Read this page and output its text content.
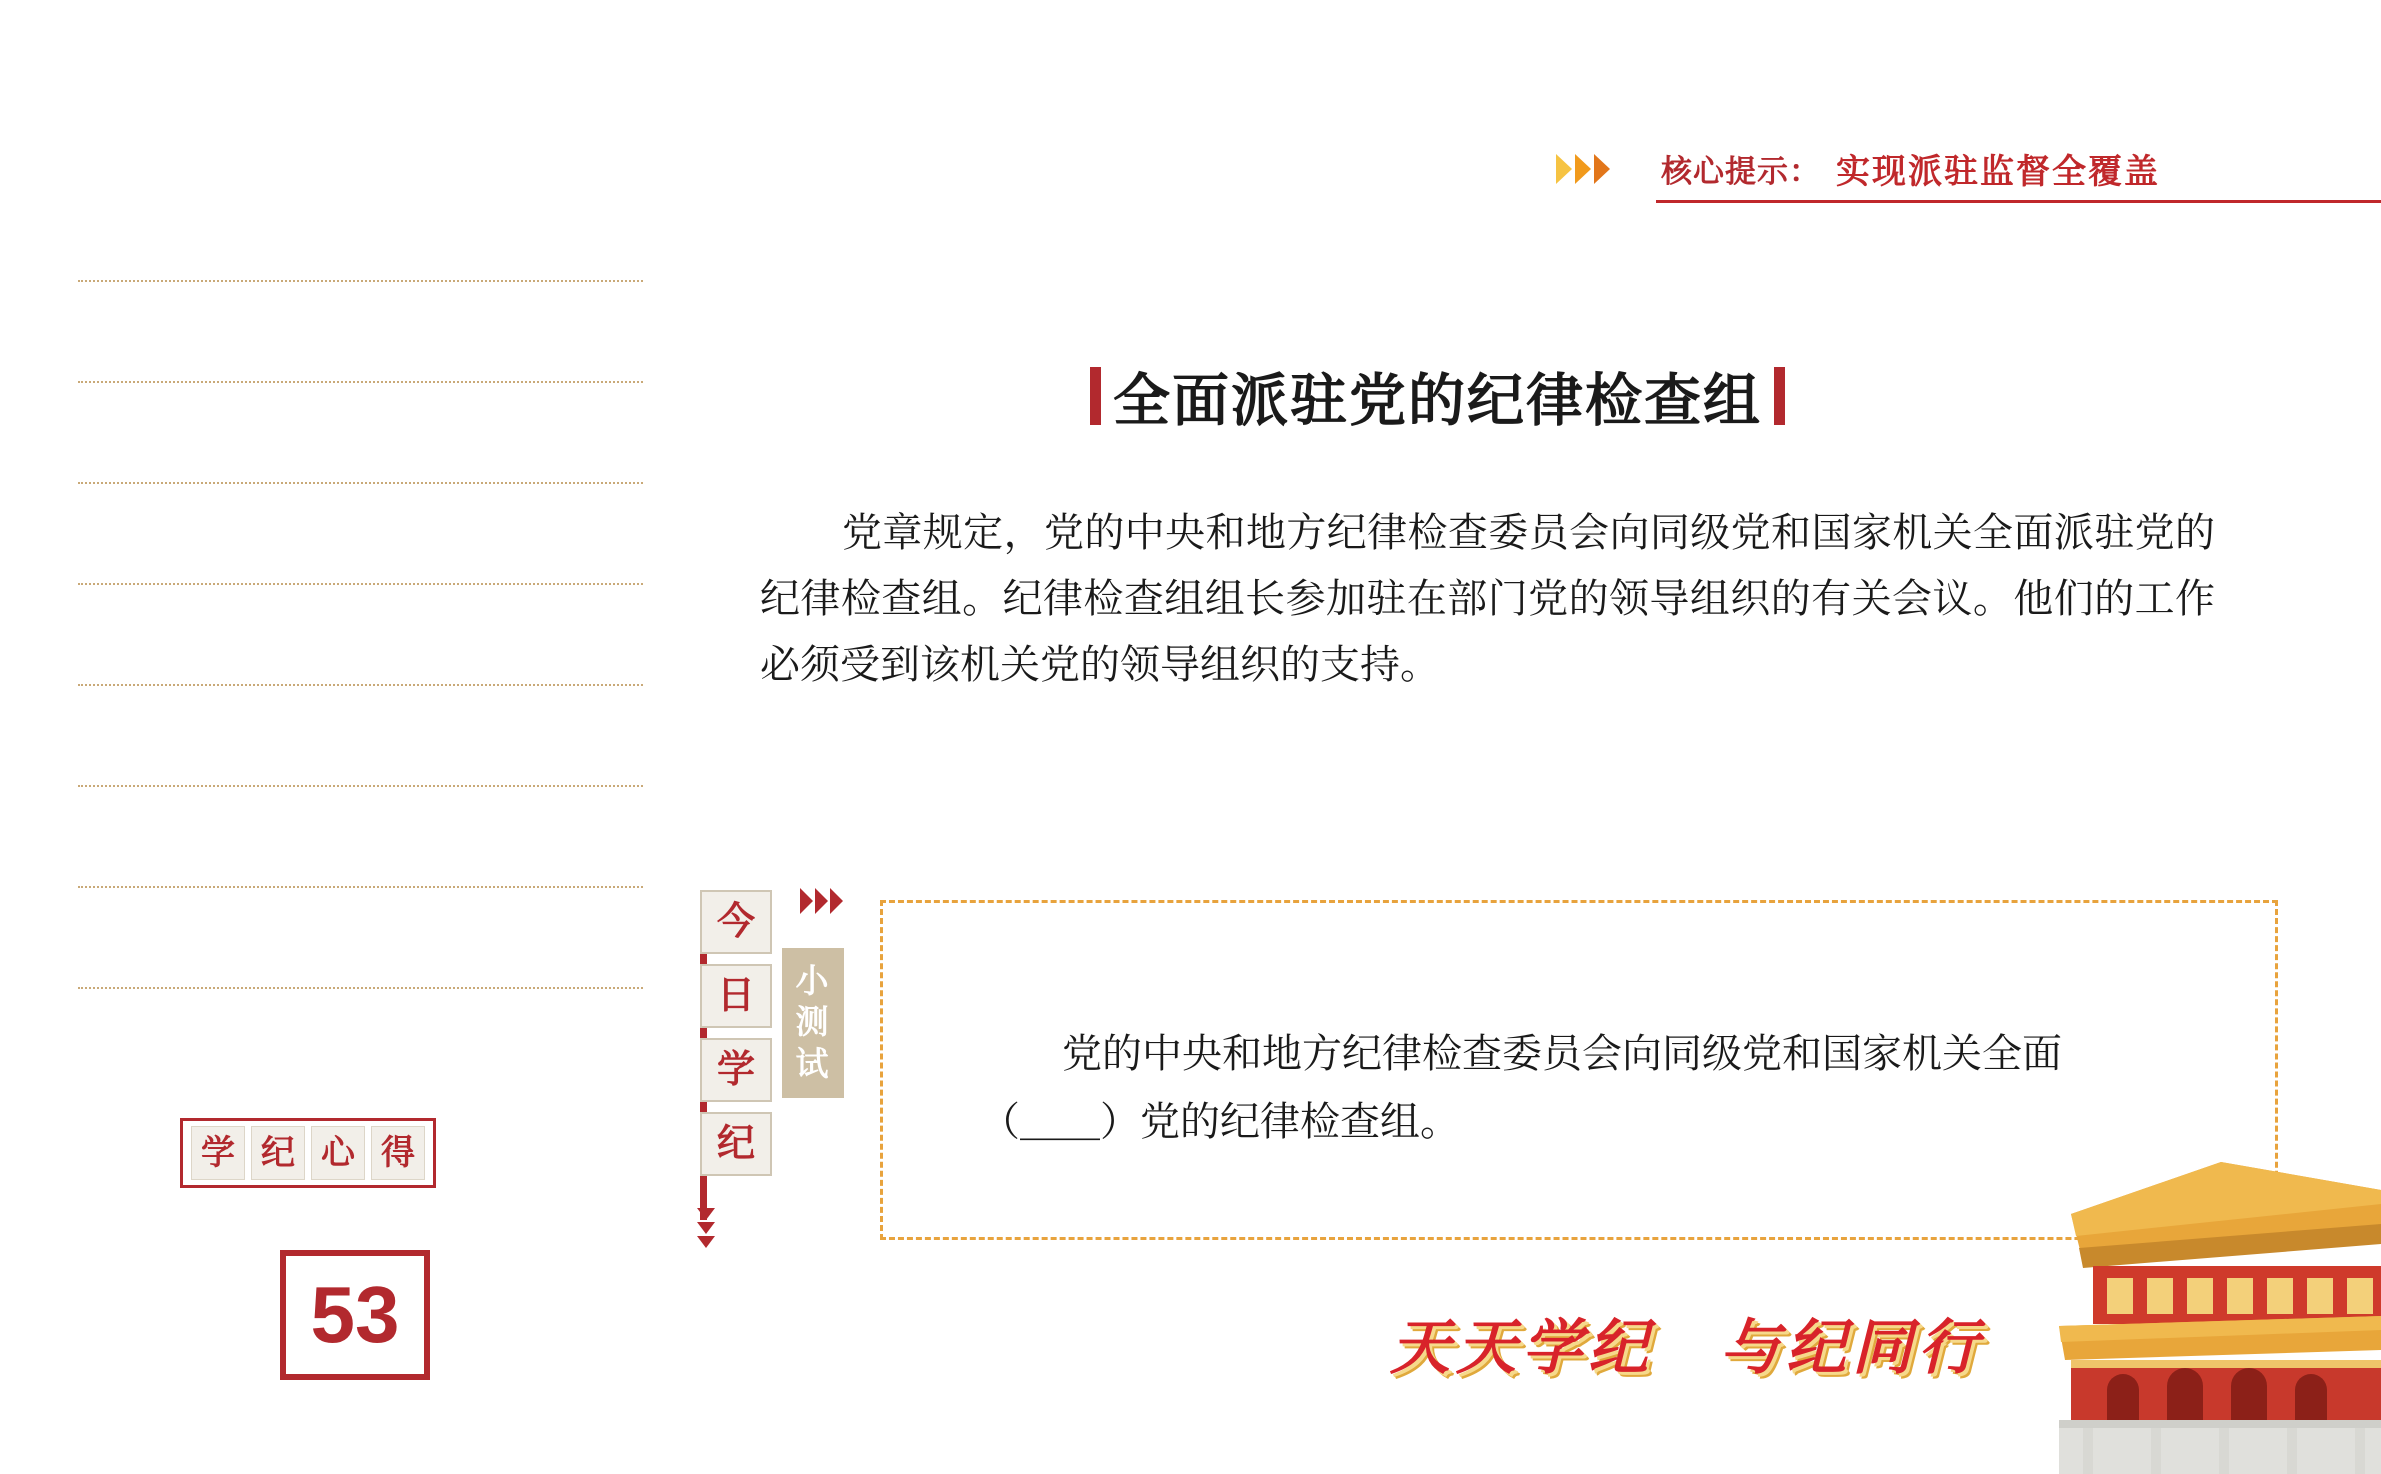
核心提示： 实现派驻监督全覆盖
学 纪 心 得
53
全面派驻党的纪律检查组
党章规定，党的中央和地方纪律检查委员会向同级党和国家机关全面派驻党的纪律检查组。纪律检查组组长参加驻在部门党的领导组织的有关会议。他们的工作必须受到该机关党的领导组织的支持。
今
日
学
纪
小测试	党的中央和地方纪律检查委员会向同级党和国家机关全面（＿＿）党的纪律检查组。
天天学纪　与纪同行
